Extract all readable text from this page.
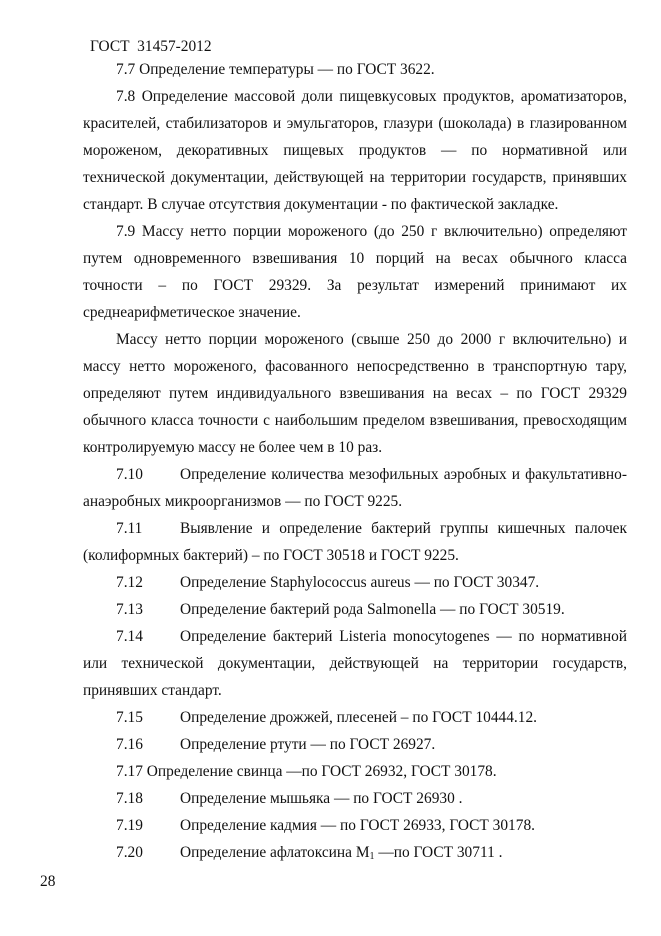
ГОСТ  31457-2012

7.7 Определение температуры — по ГОСТ 3622.

7.8 Определение массовой доли пищевкусовых продуктов, ароматизаторов, красителей, стабилизаторов и эмульгаторов, глазури (шоколада) в глазированном мороженом, декоративных пищевых продуктов — по нормативной или технической документации, действующей на территории государств, принявших стандарт. В случае отсутствия документации - по фактической закладке.

7.9 Массу нетто порции мороженого (до 250 г включительно) определяют путем одновременного взвешивания 10 порций на весах обычного класса точности – по ГОСТ 29329. За результат измерений принимают их среднеарифметическое значение.

Массу нетто порции мороженого (свыше 250 до 2000 г включительно) и массу нетто мороженого, фасованного непосредственно в транспортную тару, определяют путем индивидуального взвешивания на весах – по ГОСТ 29329 обычного класса точности с наибольшим пределом взвешивания, превосходящим контролируемую массу не более чем в 10 раз.

7.10 Определение количества мезофильных аэробных и факультативно-анаэробных микроорганизмов — по ГОСТ 9225.

7.11 Выявление и определение бактерий группы кишечных палочек (колиформных бактерий) – по ГОСТ 30518 и ГОСТ 9225.

7.12 Определение Staphylococcus aureus — по ГОСТ 30347.

7.13 Определение бактерий рода Salmonella — по ГОСТ 30519.

7.14 Определение бактерий Listeria monocytogenes — по нормативной или технической документации, действующей на территории государств, принявших стандарт.

7.15 Определение дрожжей, плесеней – по ГОСТ 10444.12.

7.16 Определение ртути — по ГОСТ 26927.

7.17 Определение свинца —по ГОСТ 26932, ГОСТ 30178.

7.18 Определение мышьяка — по ГОСТ 26930 .

7.19 Определение кадмия — по ГОСТ 26933, ГОСТ 30178.

7.20 Определение афлатоксина $М_1$ —по ГОСТ 30711 .

28
